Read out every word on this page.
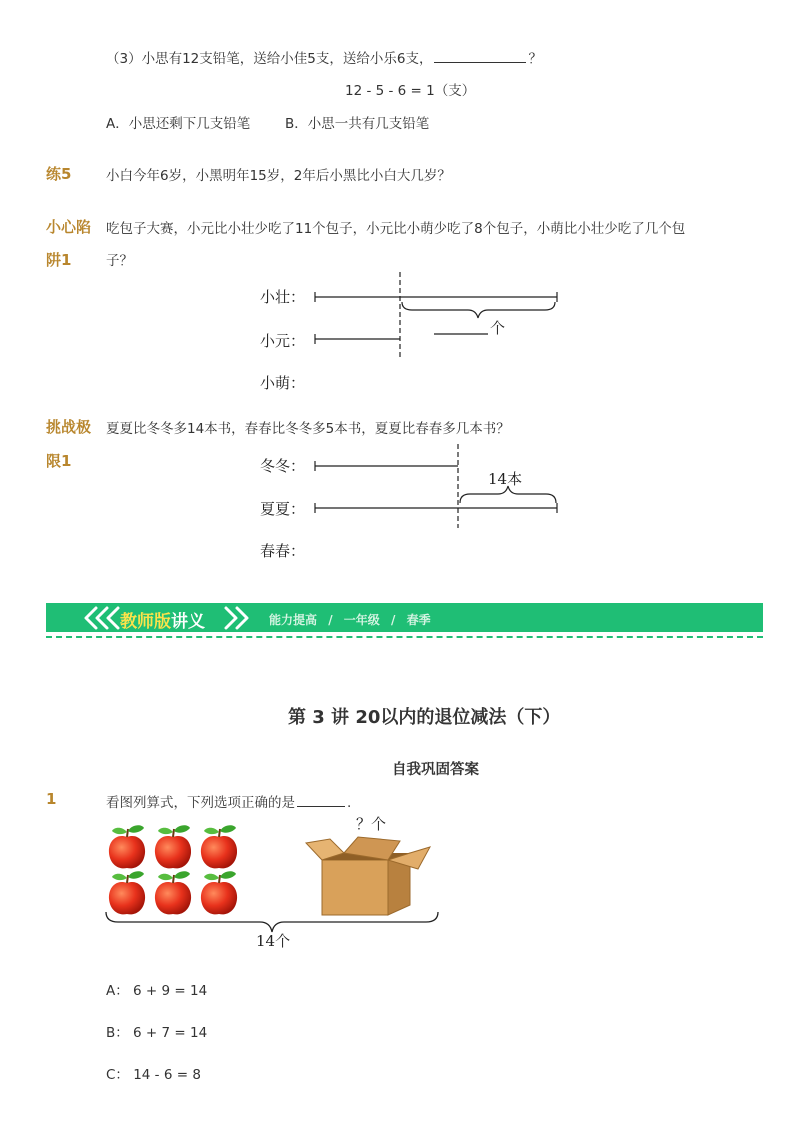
（3）小思有12支铅笔，送给小佳5支，送给小乐6支，	？
12 - 5 - 6 = 1（支）
A．小思还剩下几支铅笔	B．小思一共有几支铅笔
练5	小白今年6岁，小黑明年15岁，2年后小黑比小白大几岁？
小心陷
阱1
吃包子大赛，小元比小壮少吃了11个包子，小元比小萌少吃了8个包子，小萌比小壮少吃了几个包
子？
小壮：
小元：
小萌：
个
挑战极
限1
夏夏比冬冬多14本书，春春比冬冬多5本书，夏夏比春春多几本书？
冬冬：
夏夏：
春春：
14本
教师版讲义	能力提高 / 一年级 / 春季
第 3 讲 20以内的退位减法（下）
自我巩固答案
1	看图列算式，下列选项正确的是	.
？个
14个
A： 6 + 9 = 14
B： 6 + 7 = 14
C： 14 - 6 = 8
